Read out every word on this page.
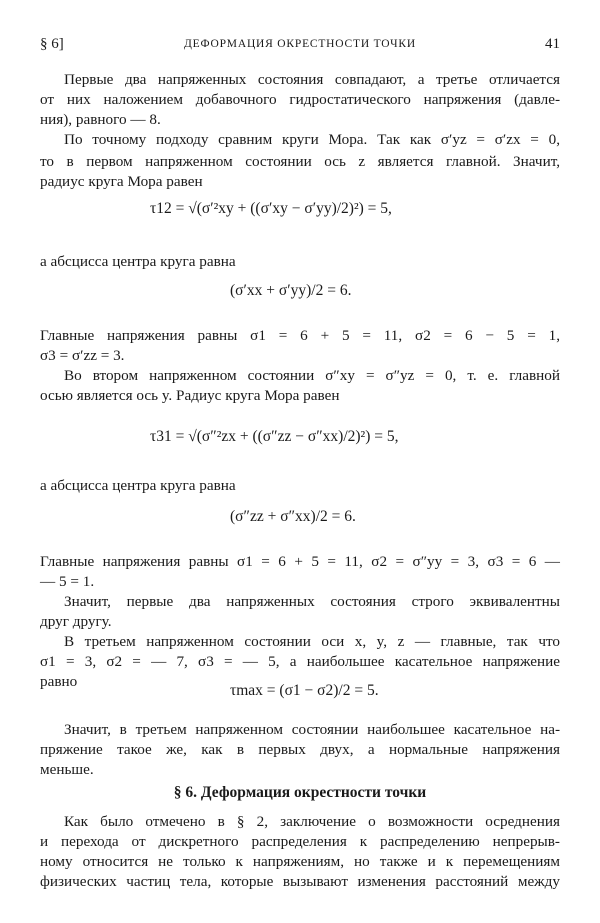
§ 6]	ДЕФОРМАЦИЯ ОКРЕСТНОСТИ ТОЧКИ	41
Первые два напряженных состояния совпадают, а третье отличается
от них наложением добавочного гидростатического напряжения (давле-
ния), равного — 8.
По точному подходу сравним круги Мора. Так как σ′yz = σ′zx = 0,
то в первом напряженном состоянии ось z является главной. Значит,
радиус круга Мора равен
τ12 = √(σ′²xy + ((σ′xy − σ′yy)/2)²) = 5,
а абсцисса центра круга равна
(σ′xx + σ′yy)/2 = 6.
Главные напряжения равны σ1 = 6 + 5 = 11, σ2 = 6 − 5 = 1,
σ3 = σ′zz = 3.
Во втором напряженном состоянии σ″xy = σ″yz = 0, т. е. главной
осью является ось y. Радиус круга Мора равен
τ31 = √(σ″²zx + ((σ″zz − σ″xx)/2)²) = 5,
а абсцисса центра круга равна
(σ″zz + σ″xx)/2 = 6.
Главные напряжения равны σ1 = 6 + 5 = 11, σ2 = σ″yy = 3, σ3 = 6 —
— 5 = 1.
Значит, первые два напряженных состояния строго эквивалентны
друг другу.
В третьем напряженном состоянии оси x, y, z — главные, так что
σ1 = 3, σ2 = — 7, σ3 = — 5, а наибольшее касательное напряжение
равно
τmax = (σ1 − σ2)/2 = 5.
Значит, в третьем напряженном состоянии наибольшее касательное на-
пряжение такое же, как в первых двух, а нормальные напряжения
меньше.
§ 6. Деформация окрестности точки
Как было отмечено в § 2, заключение о возможности осреднения
и перехода от дискретного распределения к распределению непрерыв-
ному относится не только к напряжениям, но также и к перемещениям
физических частиц тела, которые вызывают изменения расстояний между
